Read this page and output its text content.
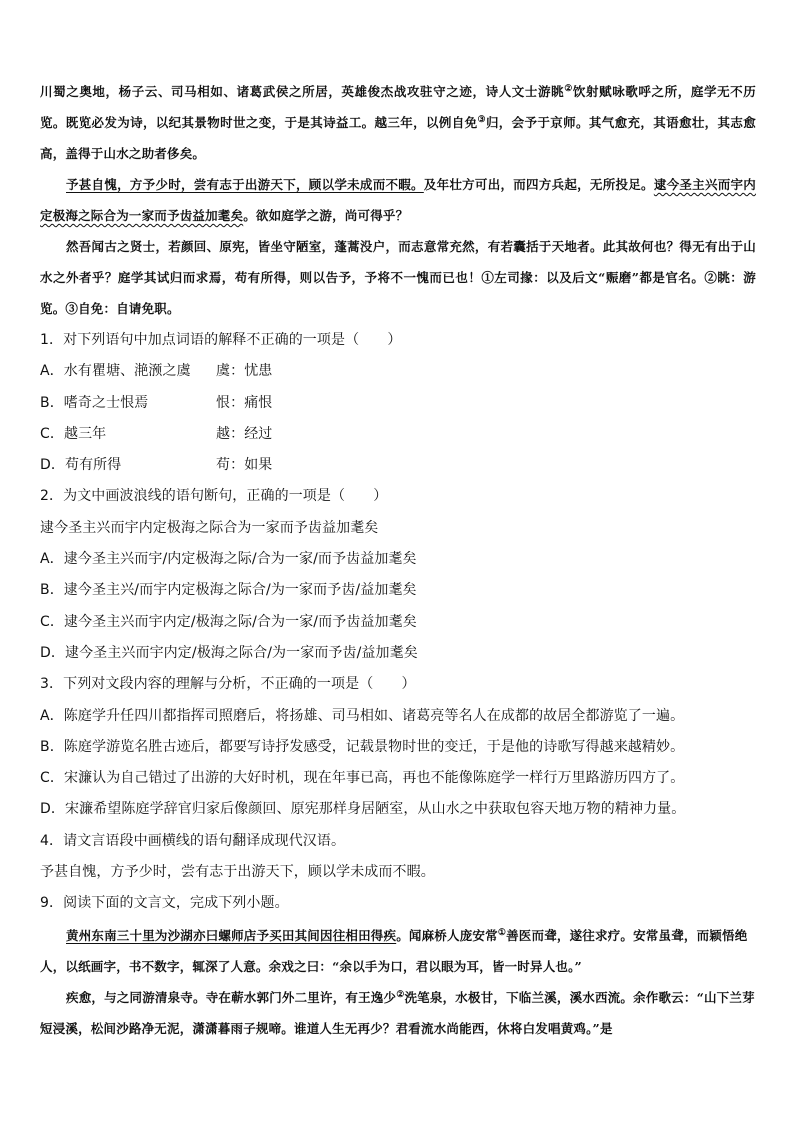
川蜀之奥地，杨子云、司马相如、诸葛武侯之所居，英雄俊杰战攻驻守之迹，诗人文士游眺②饮射赋咏歌呼之所，庭学无不历览。既览必发为诗，以纪其景物时世之变，于是其诗益工。越三年，以例自免③归，会予于京师。其气愈充，其语愈壮，其志愈高，盖得于山水之助者侈矣。
予甚自愧，方予少时，尝有志于出游天下，顾以学未成而不暇。及年壮方可出，而四方兵起，无所投足。逮今圣主兴而宇内定极海之际合为一家而予齿益加耄矣。欲如庭学之游，尚可得乎？
然吾闻古之贤士，若颜回、原宪，皆坐守陋室，蓬蒿没户，而志意常充然，有若囊括于天地者。此其故何也？得无有出于山水之外者乎？庭学其试归而求焉，苟有所得，则以告予，予将不一愧而已也！①左司掾：以及后文“赈磨”都是官名。②眺：游览。③自免：自请免职。
1．对下列语句中加点词语的解释不正确的一项是（　　）
A．水有瞿塘、滟滪之虞 虞：忧患
B．嗜奇之士恨焉	恨：痛恨
C．越三年	越：经过
D．苟有所得	苟：如果
2．为文中画波浪线的语句断句，正确的一项是（　　）
逮今圣主兴而宇内定极海之际合为一家而予齿益加耄矣
A．逮今圣主兴而宇/内定极海之际/合为一家/而予齿益加耄矣
B．逮今圣主兴/而宇内定极海之际合/为一家而予齿/益加耄矣
C．逮今圣主兴而宇内定/极海之际/合为一家/而予齿益加耄矣
D．逮今圣主兴而宇内定/极海之际合/为一家而予齿/益加耄矣
3．下列对文段内容的理解与分析，不正确的一项是（　　）
A．陈庭学升任四川都指挥司照磨后，将扬雄、司马相如、诸葛亮等名人在成都的故居全都游览了一遍。
B．陈庭学游览名胜古迹后，都要写诗抒发感受，记载景物时世的变迁，于是他的诗歌写得越来越精妙。
C．宋濂认为自己错过了出游的大好时机，现在年事已高，再也不能像陈庭学一样行万里路游历四方了。
D．宋濂希望陈庭学辞官归家后像颜回、原宪那样身居陋室，从山水之中获取包容天地万物的精神力量。
4．请文言语段中画横线的语句翻译成现代汉语。
予甚自愧，方予少时，尝有志于出游天下，顾以学未成而不暇。
9．阅读下面的文言文，完成下列小题。
黄州东南三十里为沙湖亦曰螺师店予买田其间因往相田得疾。闻麻桥人庞安常①善医而聋，遂往求疗。安常虽聋，而颖悟绝人，以纸画字，书不数字，辄深了人意。余戏之曰：“余以手为口，君以眼为耳，皆一时异人也。”
疾愈，与之同游清泉寺。寺在蕲水郭门外二里许，有王逸少②洗笔泉，水极甘，下临兰溪，溪水西流。余作歌云：“山下兰芽短浸溪，松间沙路净无泥，潇潇暮雨子规啼。谁道人生无再少？君看流水尚能西，休将白发唱黄鸡。”是
